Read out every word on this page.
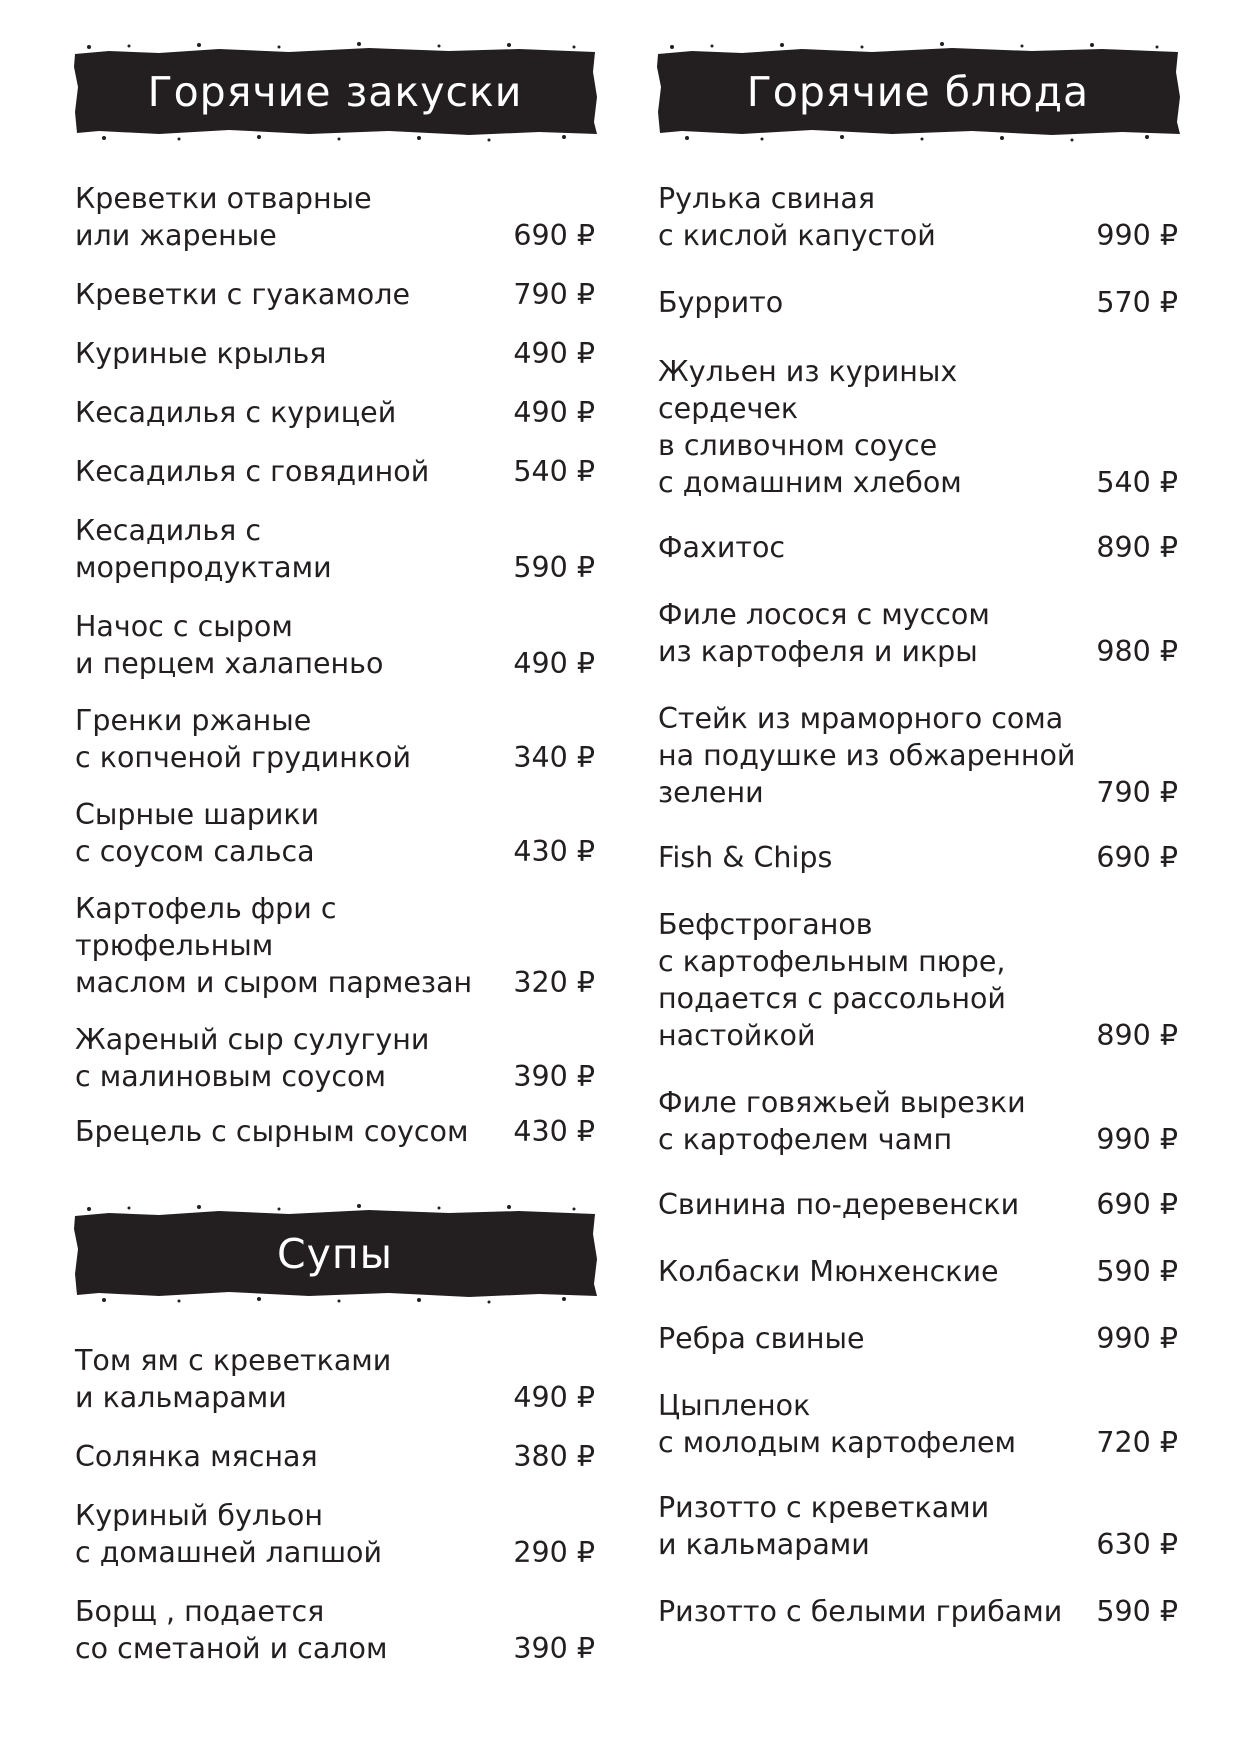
Горячие закуски
Креветки отварные
или жареные	690 ₽
Креветки с гуакамоле	790 ₽
Куриные крылья	490 ₽
Кесадилья с курицей	490 ₽
Кесадилья с говядиной	540 ₽
Кесадилья с морепродуктами	590 ₽
Начос с сыром
и перцем халапеньо	490 ₽
Гренки ржаные
с копченой грудинкой	340 ₽
Сырные шарики
с соусом сальса	430 ₽
Картофель фри с трюфельным
маслом и сыром пармезан	320 ₽
Жареный сыр сулугуни
с малиновым соусом	390 ₽
Брецель с сырным соусом	430 ₽
Супы
Том ям с креветками
и кальмарами	490 ₽
Солянка мясная	380 ₽
Куриный бульон
с домашней лапшой	290 ₽
Борщ , подается
со сметаной и салом	390 ₽
Горячие блюда
Рулька свиная
с кислой капустой	990 ₽
Буррито	570 ₽
Жульен из куриных сердечек
в сливочном соусе
с домашним хлебом	540 ₽
Фахитос	890 ₽
Филе лосося с муссом
из картофеля и икры	980 ₽
Стейк из мраморного сома
на подушке из обжаренной
зелени	790 ₽
Fish & Chips	690 ₽
Бефстроганов
с картофельным пюре,
подается с рассольной
настойкой	890 ₽
Филе говяжьей вырезки
с картофелем чамп	990 ₽
Свинина по-деревенски	690 ₽
Колбаски Мюнхенские	590 ₽
Ребра свиные	990 ₽
Цыпленок
с молодым картофелем	720 ₽
Ризотто с креветками
и кальмарами	630 ₽
Ризотто с белыми грибами	590 ₽
